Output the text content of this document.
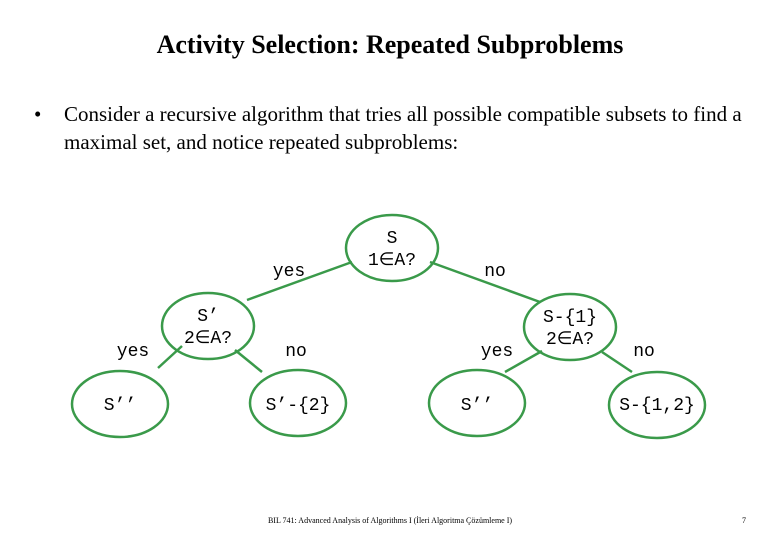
Activity Selection: Repeated Subproblems
• Consider a recursive algorithm that tries all possible compatible subsets to find a maximal set, and notice repeated subproblems:
S
1∈A?
S’
2∈A?
S-{1}
2∈A?
S’’	S’-{2}	S’’	S-{1,2}
yes	no
yes	no	yes	no
BIL 741: Advanced Analysis of Algorithms I (İleri Algoritma Çözümleme I)	7
